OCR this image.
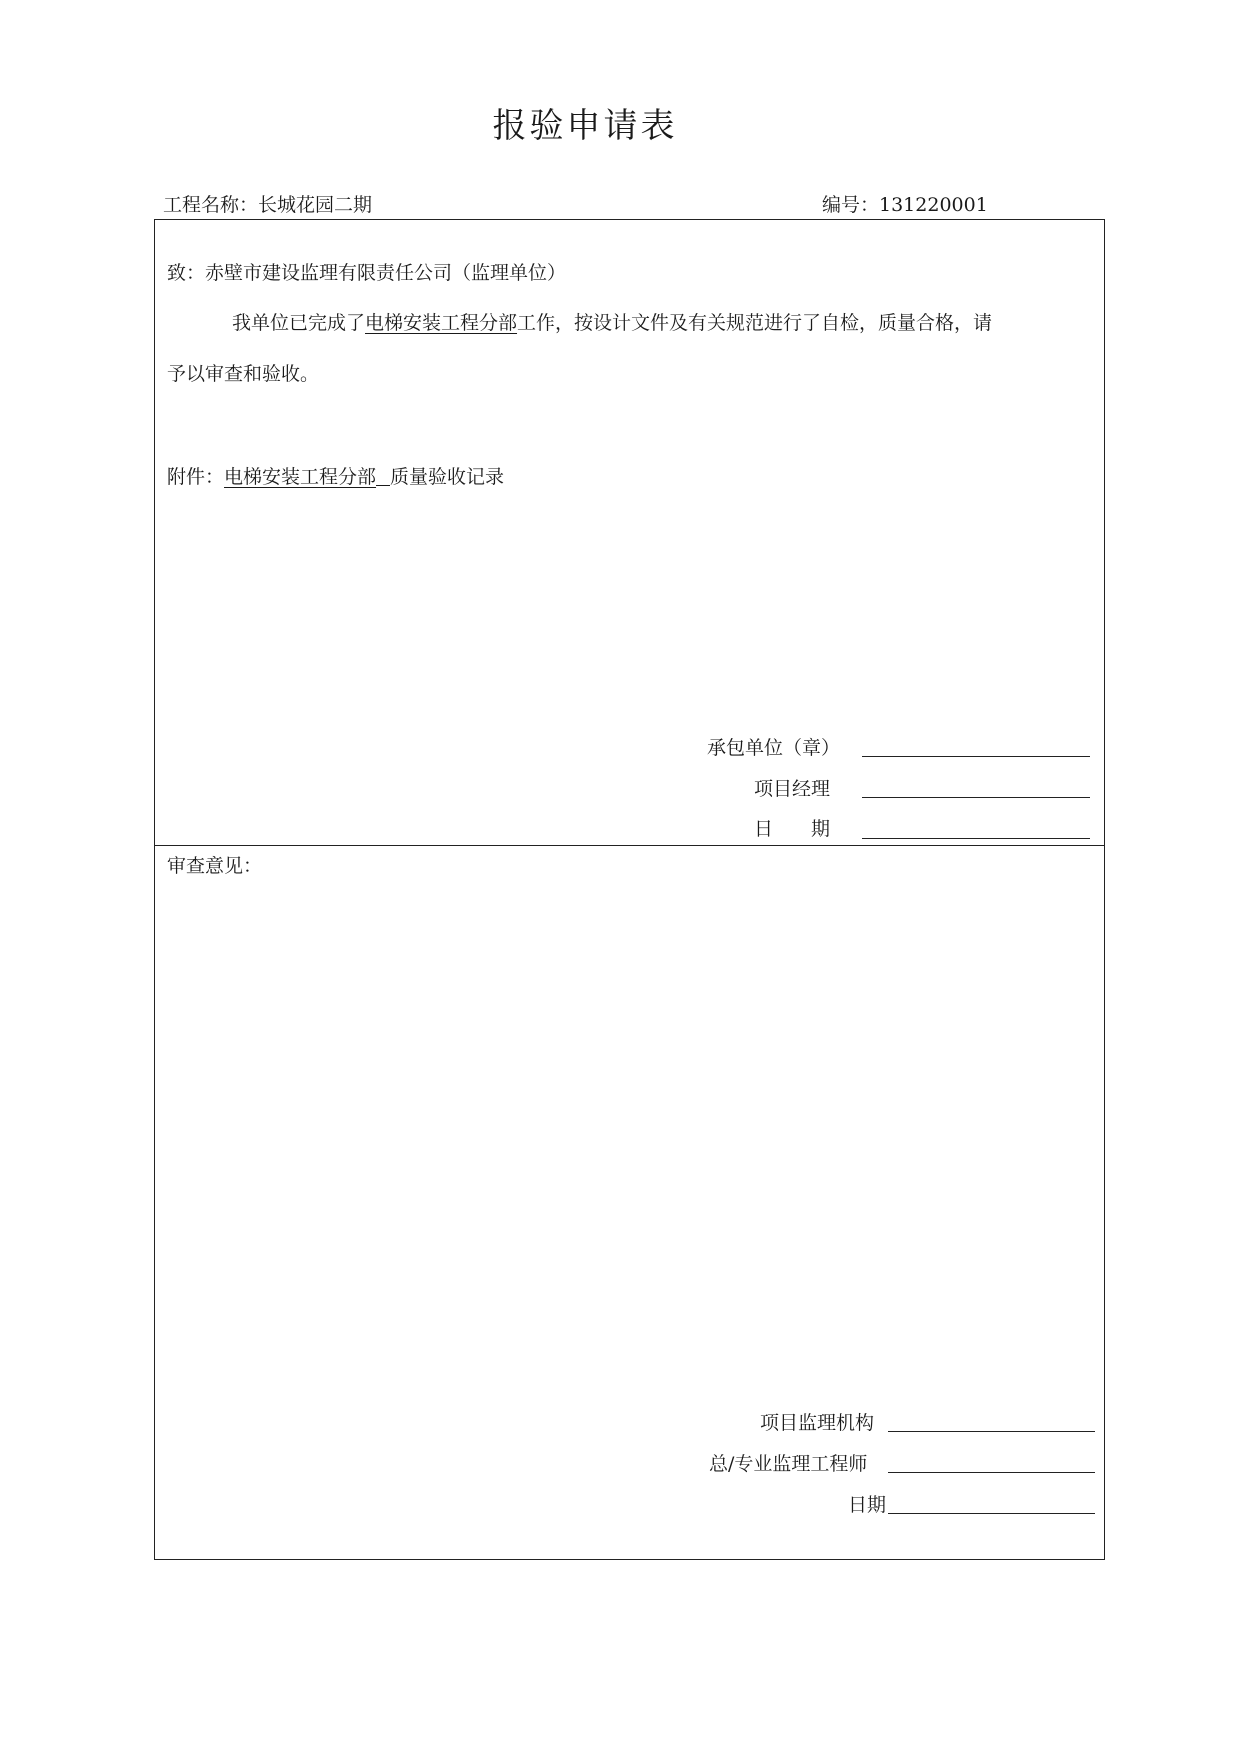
报验申请表
工程名称：长城花园二期	编号：131220001
致：赤壁市建设监理有限责任公司（监理单位）
我单位已完成了电梯安装工程分部工作，按设计文件及有关规范进行了自检，质量合格，请
予以审查和验收。
附件：电梯安装工程分部 质量验收记录
承包单位（章）
项目经理
日　　期
审查意见：
项目监理机构
总/专业监理工程师
日期
